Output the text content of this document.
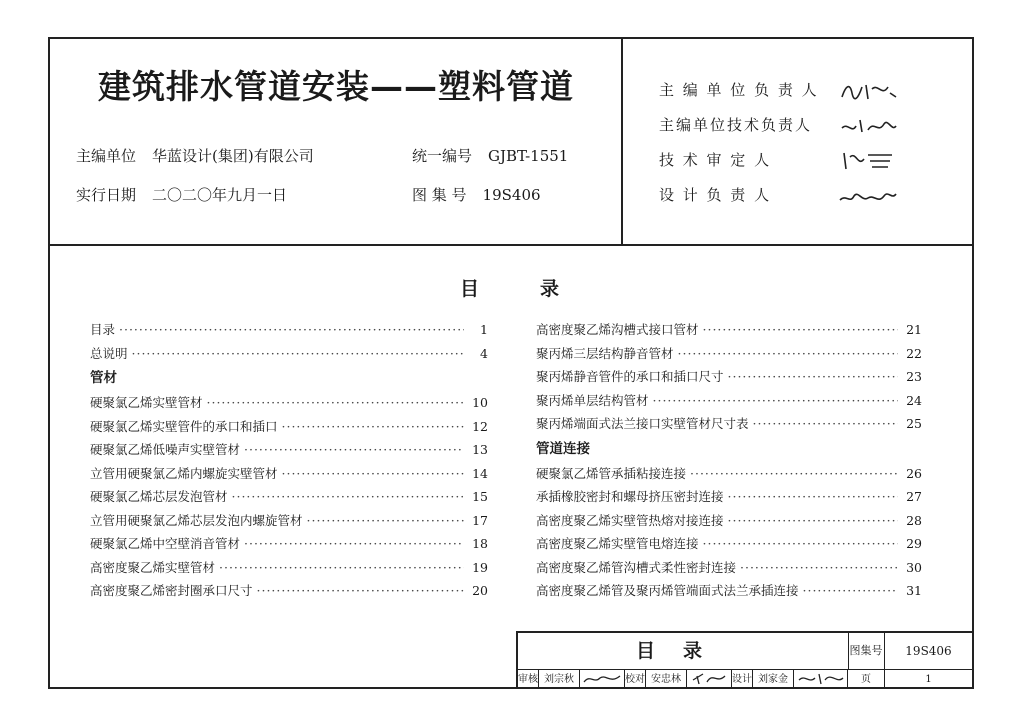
建筑排水管道安装——塑料管道
主编单位 华蓝设计(集团)有限公司	统一编号 GJBT-1551
实行日期 二〇二〇年九月一日	图 集 号 19S406
主 编 单 位 负 责 人
主编单位技术负责人
技 术 审 定 人
设 计 负 责 人
目	录
目录 ·····	1
总说明 ·····	4
管材
硬聚氯乙烯实壁管材 ·····	10
硬聚氯乙烯实壁管件的承口和插口 ·····	12
硬聚氯乙烯低噪声实壁管材 ·····	13
立管用硬聚氯乙烯内螺旋实壁管材 ·····	14
硬聚氯乙烯芯层发泡管材 ·····	15
立管用硬聚氯乙烯芯层发泡内螺旋管材 ·····	17
硬聚氯乙烯中空壁消音管材 ·····	18
高密度聚乙烯实壁管材 ·····	19
高密度聚乙烯密封圈承口尺寸 ·····	20
高密度聚乙烯沟槽式接口管材 ·····	21
聚丙烯三层结构静音管材 ·····	22
聚丙烯静音管件的承口和插口尺寸 ·····	23
聚丙烯单层结构管材 ·····	24
聚丙烯端面式法兰接口实壁管材尺寸表 ·····	25
管道连接
硬聚氯乙烯管承插粘接连接 ·····	26
承插橡胶密封和螺母挤压密封连接 ·····	27
高密度聚乙烯实壁管热熔对接连接 ·····	28
高密度聚乙烯实壁管电熔连接 ·····	29
高密度聚乙烯管沟槽式柔性密封连接 ·····	30
高密度聚乙烯管及聚丙烯管端面式法兰承插连接 ·····	31
目录	图集号	19S406
审核 刘宗秋	校对 安忠林	设计 刘家金	页	1
